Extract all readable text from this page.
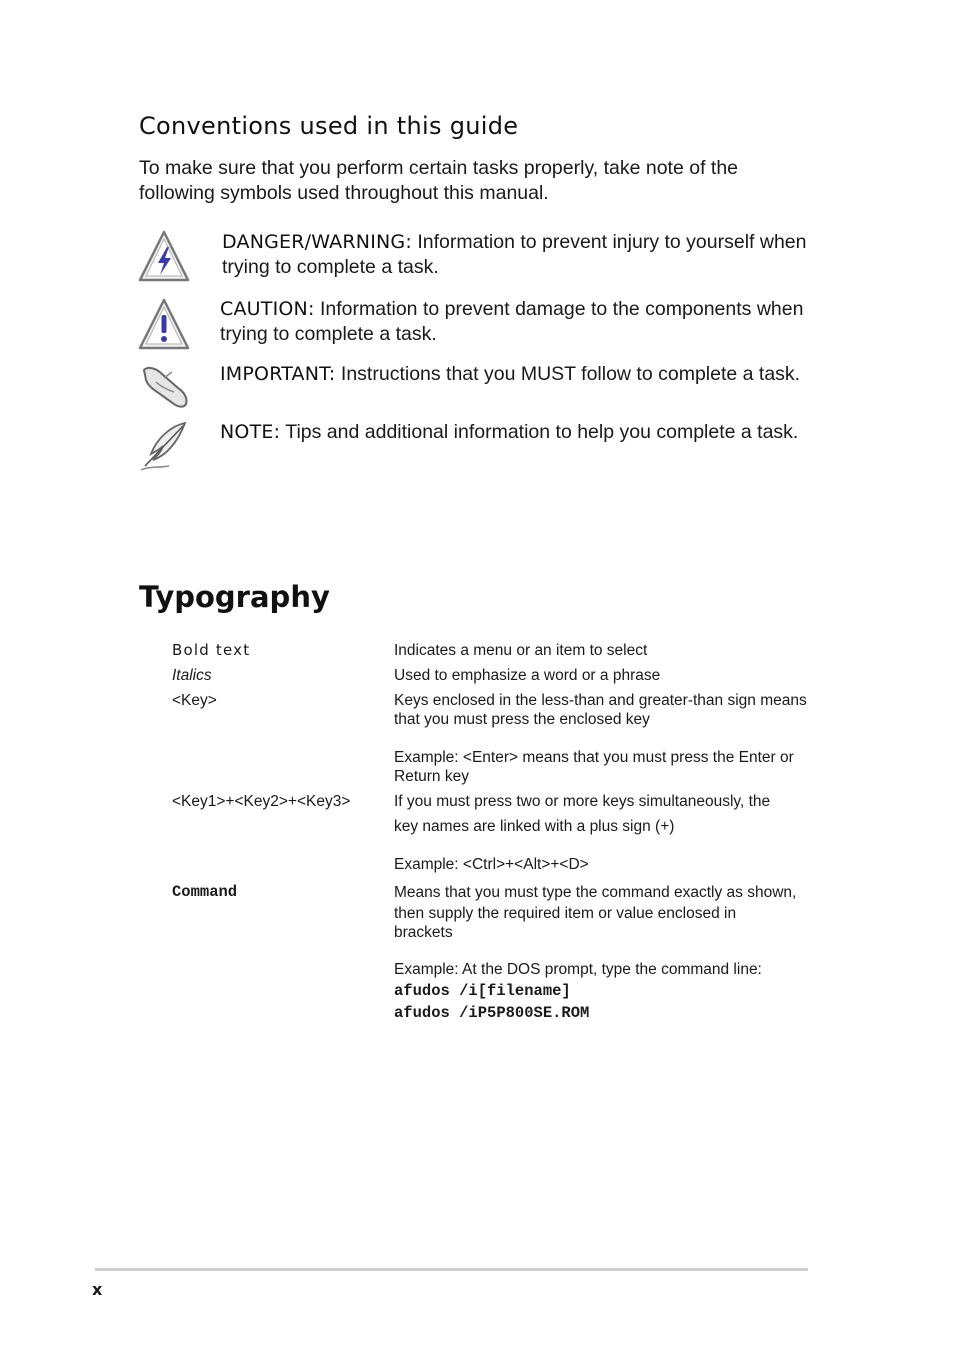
Conventions used in this guide
To make sure that you perform certain tasks properly, take note of the following symbols used throughout this manual.
DANGER/WARNING: Information to prevent injury to yourself when trying to complete a task.
CAUTION: Information to prevent damage to the components when trying to complete a task.
IMPORTANT: Instructions that you MUST follow to complete a task.
NOTE: Tips and additional information to help you complete a task.
Typography
Bold text	Indicates a menu or an item to select
Italics	Used to emphasize a word or a phrase
<Key>	Keys enclosed in the less-than and greater-than sign means that you must press the enclosed key
Example: <Enter> means that you must press the Enter or Return key
<Key1>+<Key2>+<Key3>	If you must press two or more keys simultaneously, the
key names are linked with a plus sign (+)
Example: <Ctrl>+<Alt>+<D>
Command	Means that you must type the command exactly as shown,
then supply the required item or value enclosed in brackets
Example: At the DOS prompt, type the command line:
afudos /i[filename]
afudos /iP5P800SE.ROM
x
